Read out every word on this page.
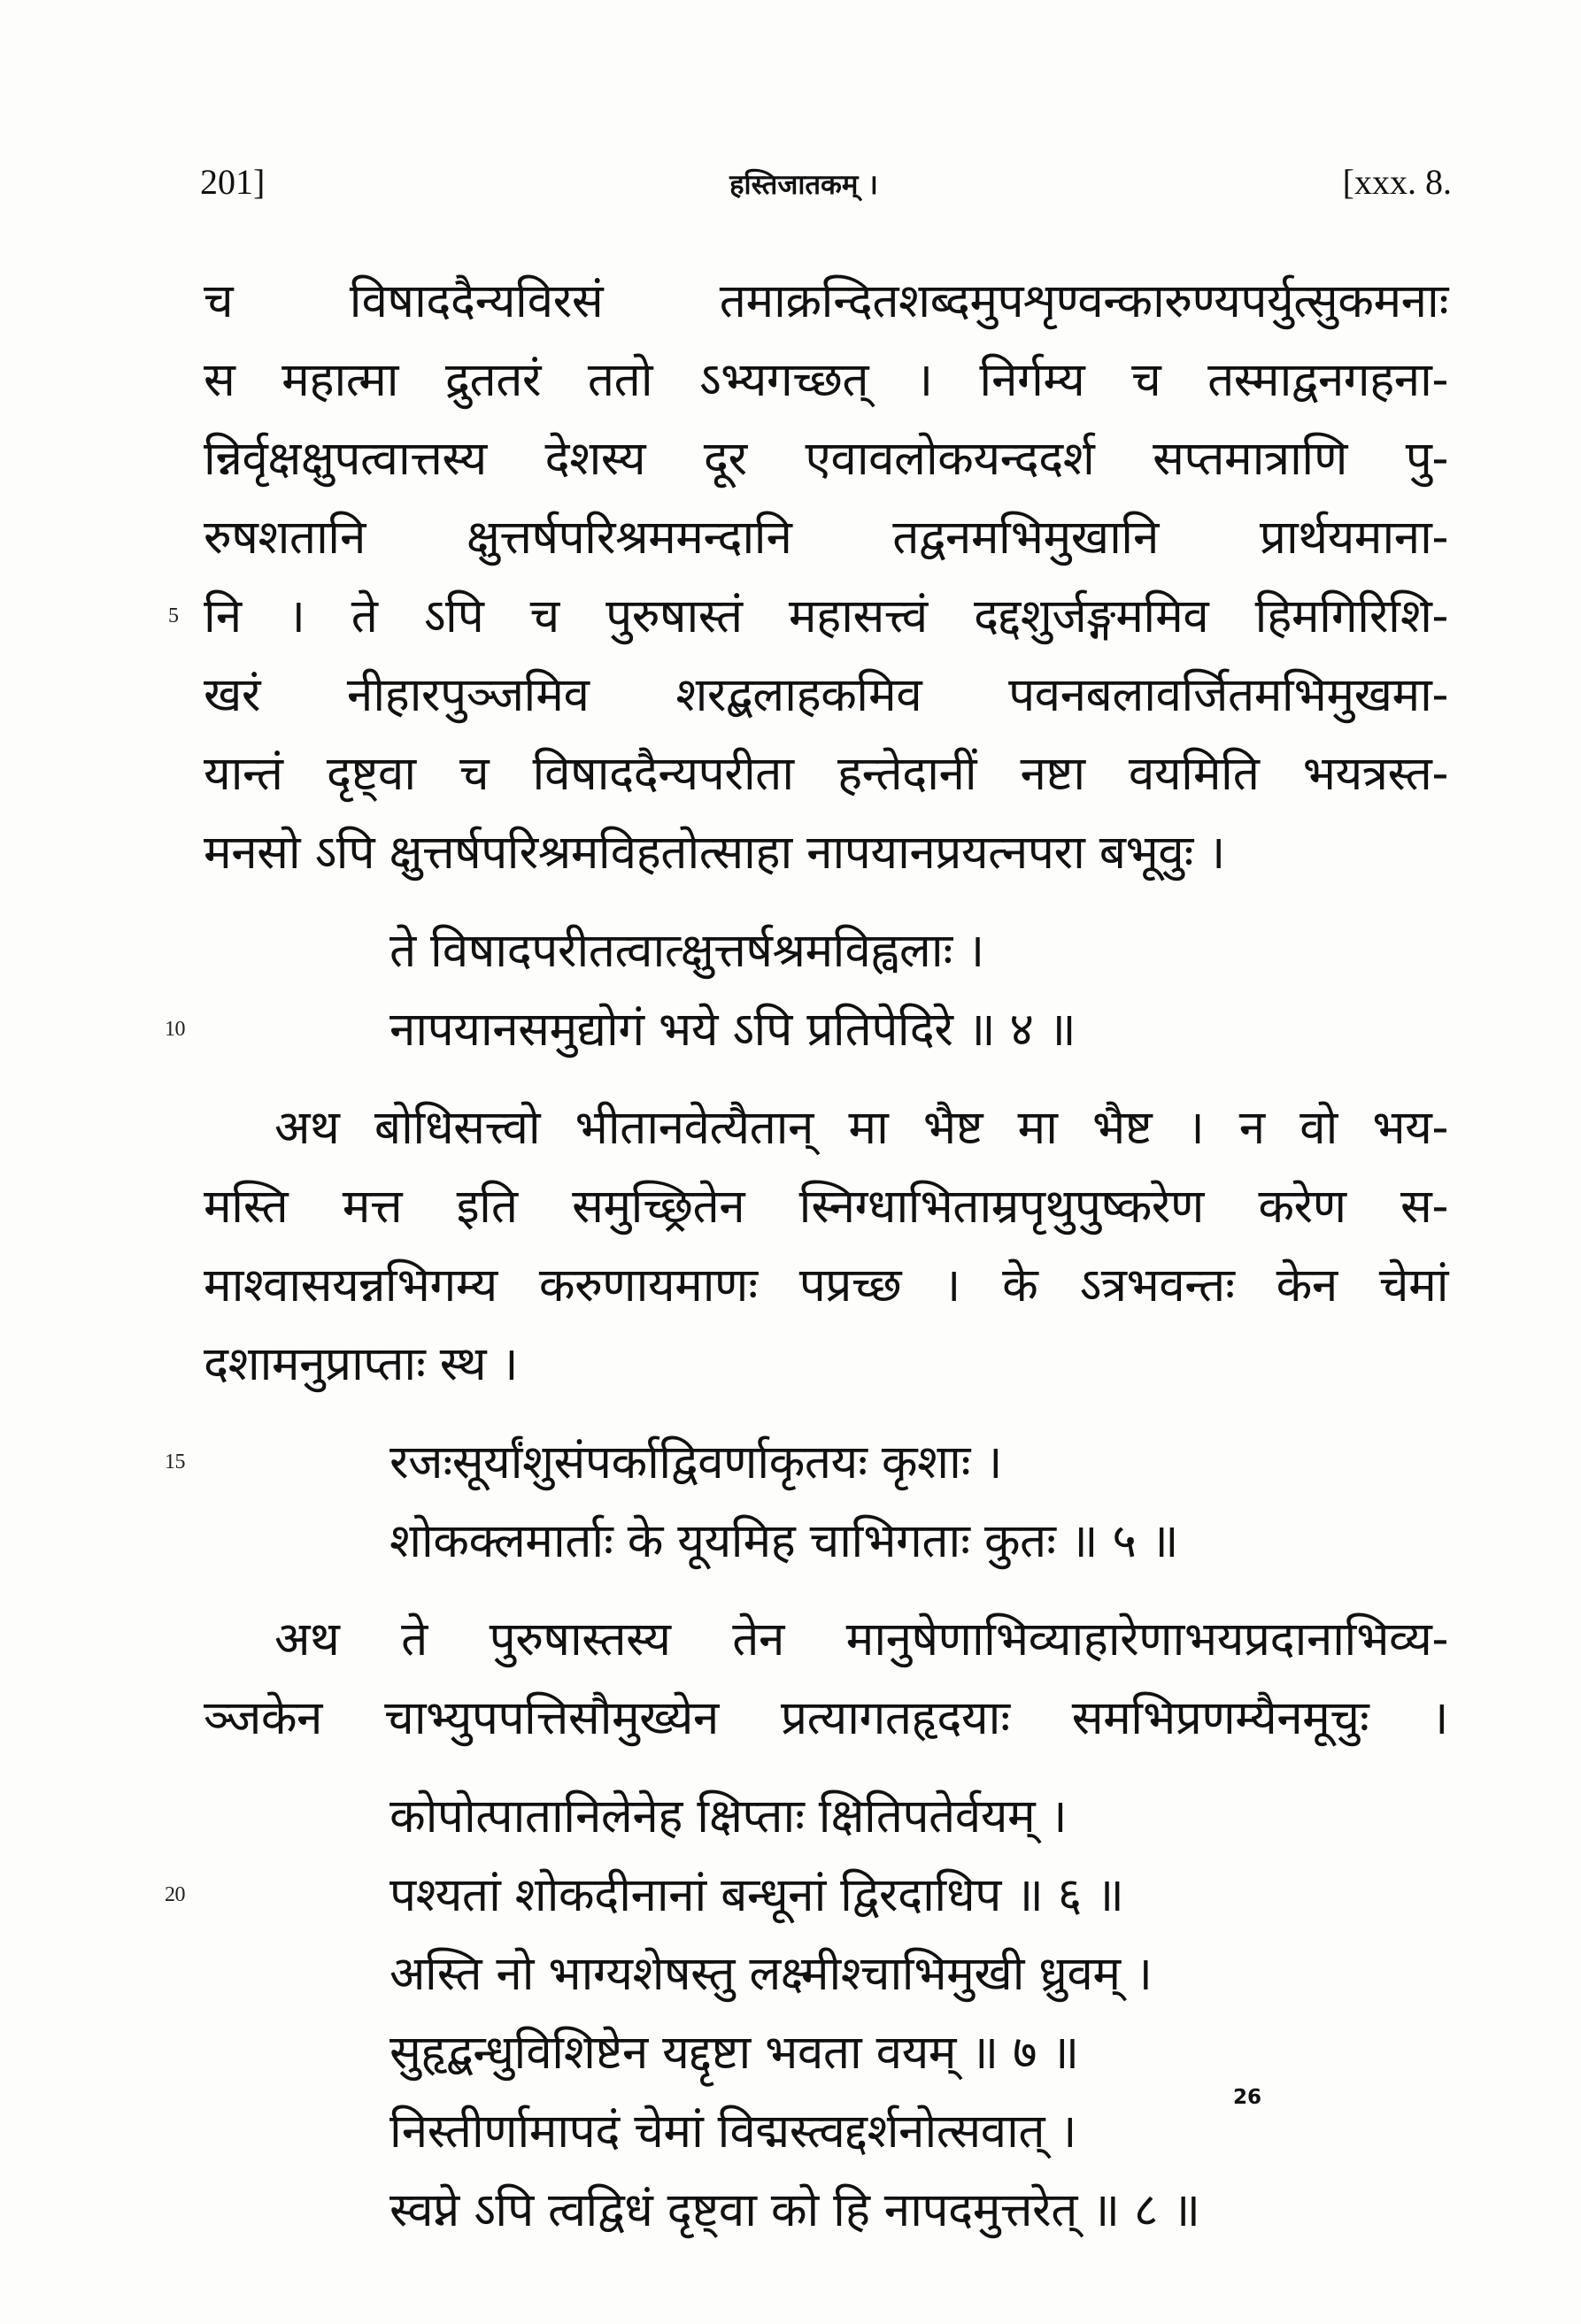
201]	हस्तिजातकम् ।	[xxx. 8.
च विषाददैन्यविरसं तमाक्रन्दितशब्दमुपशृण्वन्कारुण्यपर्युत्सुकमनाः
स महात्मा द्रुततरं ततो ऽभ्यगच्छत् । निर्गम्य च तस्माद्वनगहना-
न्निर्वृक्षक्षुपत्वात्तस्य देशस्य दूर एवावलोकयन्ददर्श सप्तमात्राणि पु-
रुषशतानि क्षुत्तर्षपरिश्रममन्दानि तद्वनमभिमुखानि प्रार्थयमाना-
5 नि । ते ऽपि च पुरुषास्तं महासत्त्वं दद्दशुर्जङ्गममिव हिमगिरिशि-
खरं नीहारपुञ्जमिव शरद्बलाहकमिव पवनबलावर्जितमभिमुखमा-
यान्तं दृष्ट्वा च विषाददैन्यपरीता हन्तेदानीं नष्टा वयमिति भयत्रस्त-
मनसो ऽपि क्षुत्तर्षपरिश्रमविहतोत्साहा नापयानप्रयत्नपरा बभूवुः ।
ते विषादपरीतत्वात्क्षुत्तर्षश्रमविह्वलाः ।
10	नापयानसमुद्योगं भये ऽपि प्रतिपेदिरे ॥ ४ ॥
अथ बोधिसत्त्वो भीतानवेत्यैतान् मा भैष्ट मा भैष्ट । न वो भय-
मस्ति मत्त इति समुच्छ्रितेन स्निग्धाभिताम्रपृथुपुष्करेण करेण स-
माश्वासयन्नभिगम्य करुणायमाणः पप्रच्छ । के ऽत्रभवन्तः केन चेमां
दशामनुप्राप्ताः स्थ ।
15	रजःसूर्यांशुसंपर्काद्विवर्णाकृतयः कृशाः ।
शोकक्लमार्ताः के यूयमिह चाभिगताः कुतः ॥ ५ ॥
अथ ते पुरुषास्तस्य तेन मानुषेणाभिव्याहारेणाभयप्रदानाभिव्य-
ञ्जकेन चाभ्युपपत्तिसौमुख्येन प्रत्यागतहृदयाः समभिप्रणम्यैनमूचुः ।
कोपोत्पातानिलेनेह क्षिप्ताः क्षितिपतेर्वयम् ।
20	पश्यतां शोकदीनानां बन्धूनां द्विरदाधिप ॥ ६ ॥
अस्ति नो भाग्यशेषस्तु लक्ष्मीश्चाभिमुखी ध्रुवम् ।
सुहृद्बन्धुविशिष्टेन यद्दृष्टा भवता वयम् ॥ ७ ॥
निस्तीर्णामापदं चेमां विद्मस्त्वद्दर्शनोत्सवात् ।
स्वप्ने ऽपि त्वद्विधं दृष्ट्वा को हि नापदमुत्तरेत् ॥ ८ ॥
26
